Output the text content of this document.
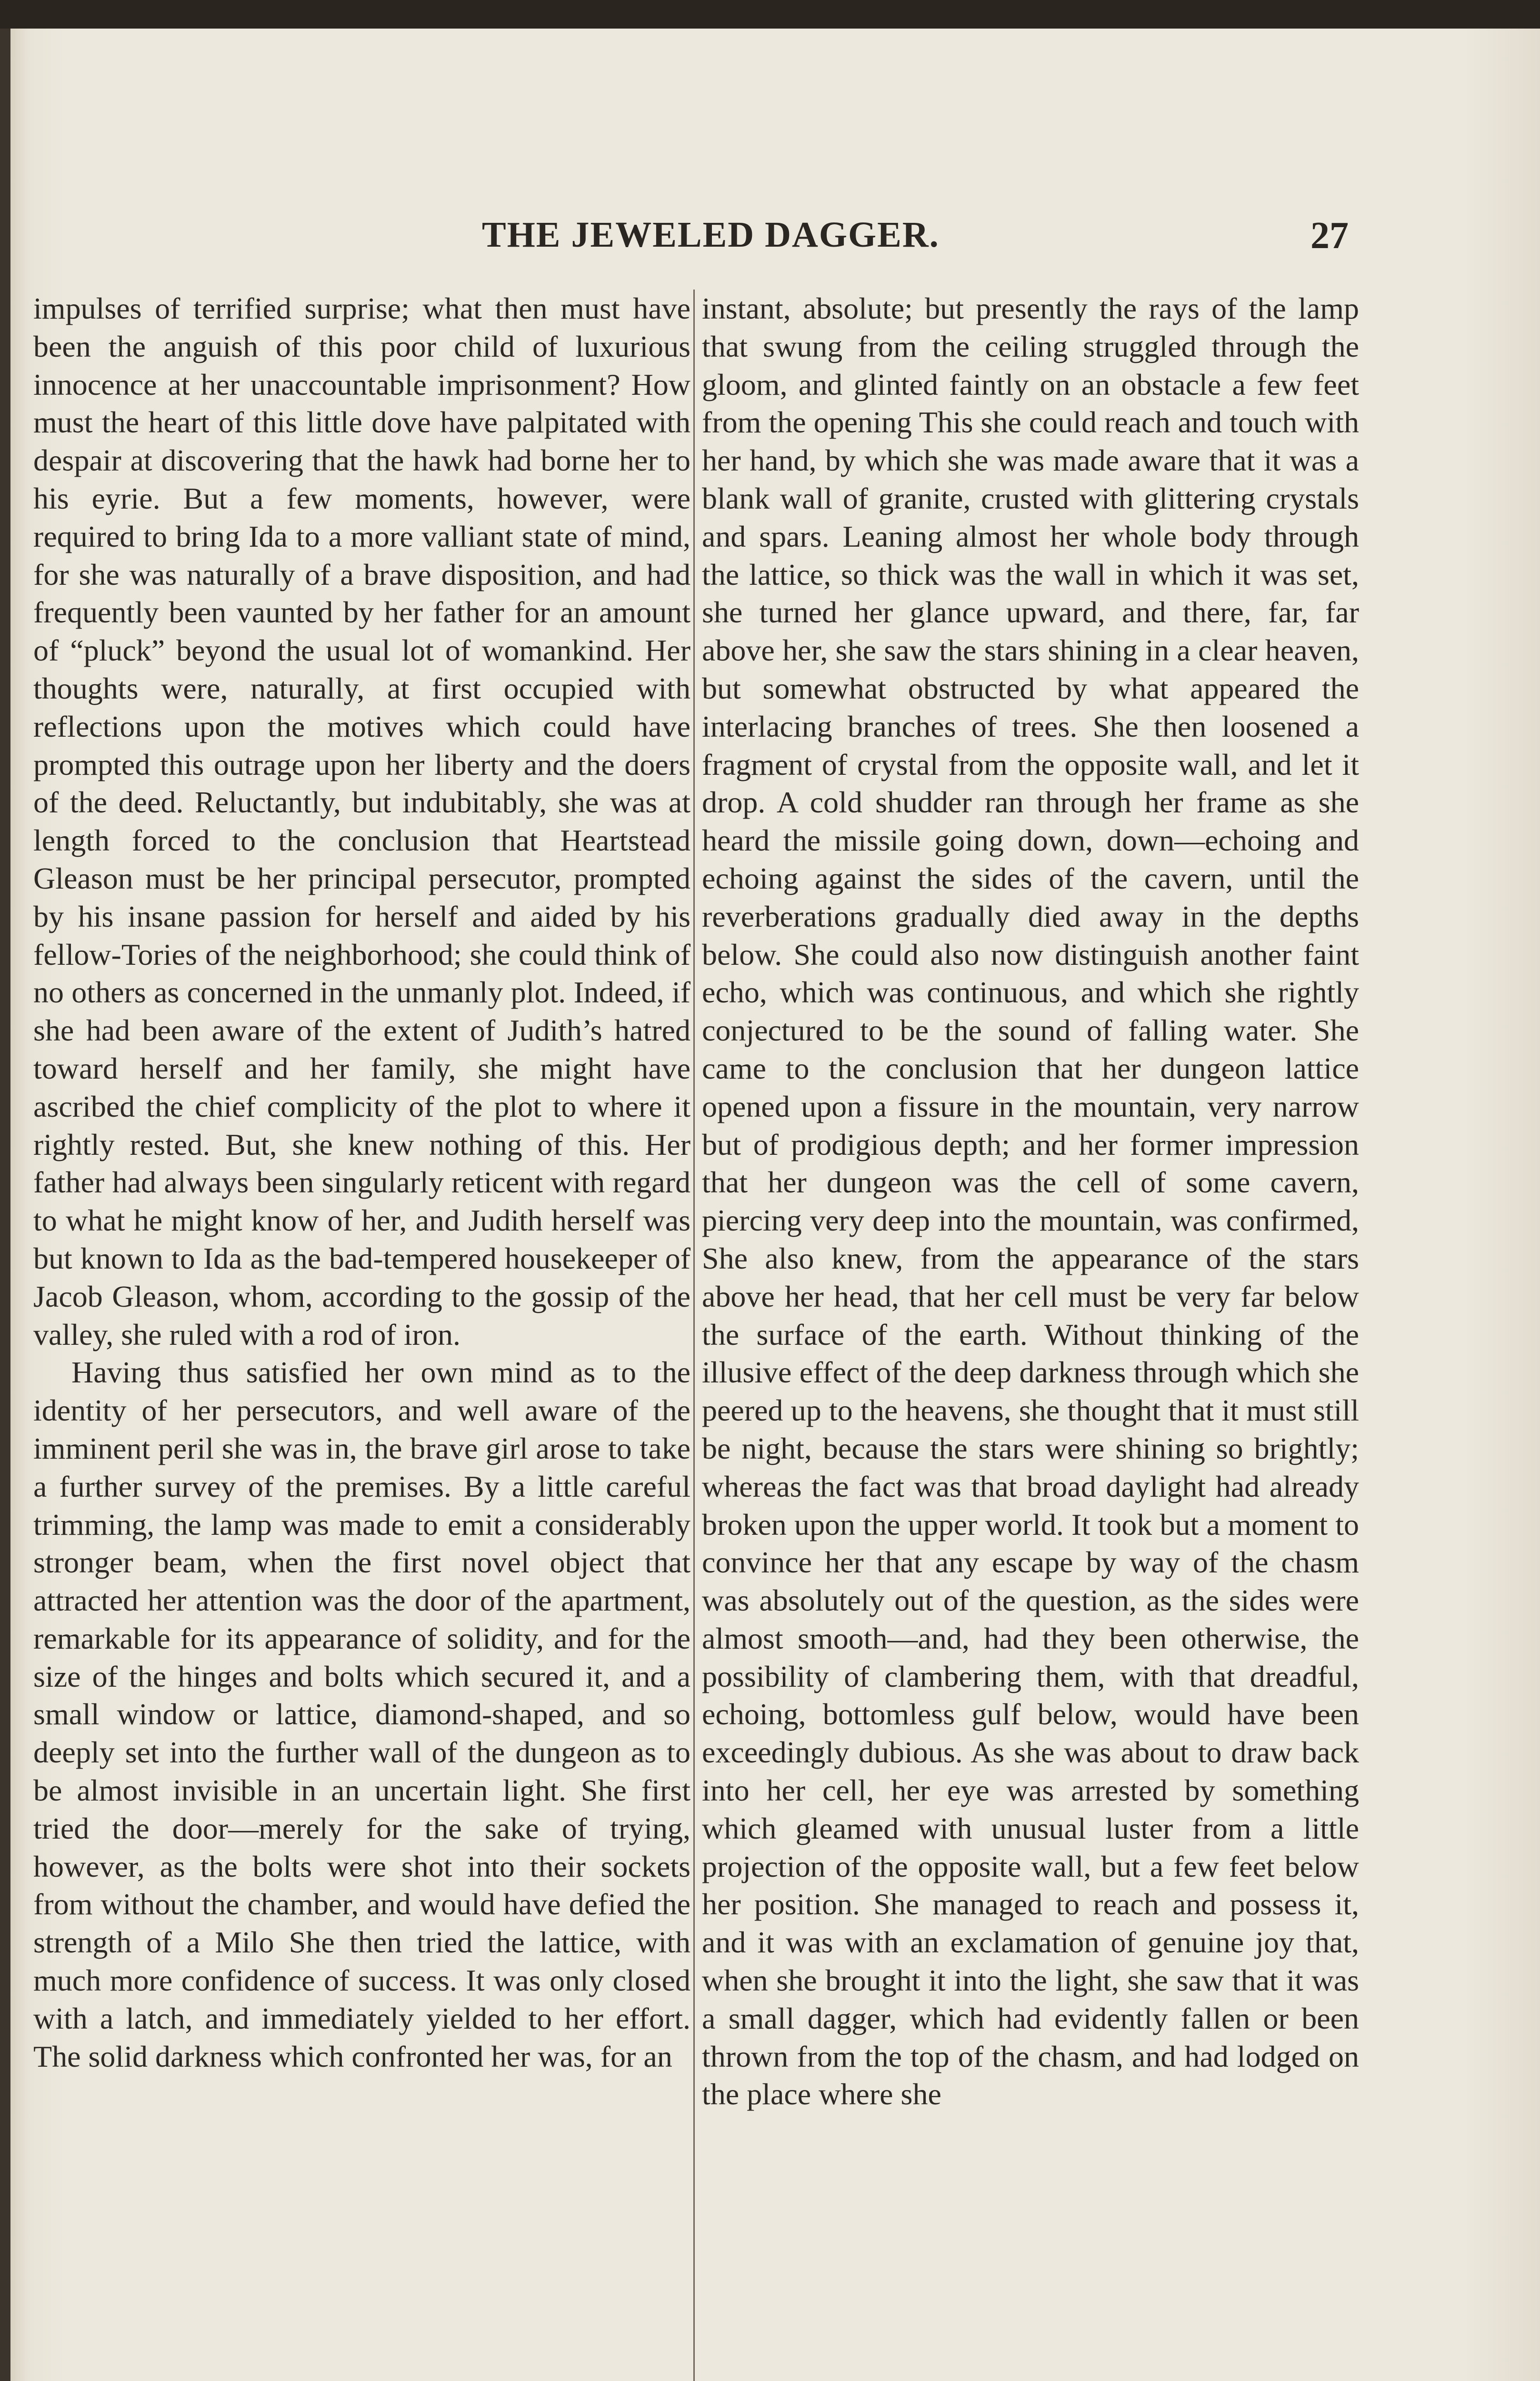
THE JEWELED DAGGER.	27

impulses of terrified surprise; what then must have been the anguish of this poor child of luxurious innocence at her unaccountable imprisonment? How must the heart of this little dove have palpitated with despair at discovering that the hawk had borne her to his eyrie. But a few moments, however, were required to bring Ida to a more valliant state of mind, for she was naturally of a brave disposition, and had frequently been vaunted by her father for an amount of “pluck” beyond the usual lot of womankind. Her thoughts were, naturally, at first occupied with reflections upon the motives which could have prompted this outrage upon her liberty and the doers of the deed. Reluctantly, but indubitably, she was at length forced to the conclusion that Heartstead Gleason must be her principal persecutor, prompted by his insane passion for herself and aided by his fellow-Tories of the neighborhood; she could think of no others as concerned in the unmanly plot. Indeed, if she had been aware of the extent of Judith’s hatred toward herself and her family, she might have ascribed the chief complicity of the plot to where it rightly rested. But, she knew nothing of this. Her father had always been singularly reticent with regard to what he might know of her, and Judith herself was but known to Ida as the bad-tempered housekeeper of Jacob Gleason, whom, according to the gossip of the valley, she ruled with a rod of iron.

Having thus satisfied her own mind as to the identity of her persecutors, and well aware of the imminent peril she was in, the brave girl arose to take a further survey of the premises. By a little careful trimming, the lamp was made to emit a considerably stronger beam, when the first novel object that attracted her attention was the door of the apartment, remarkable for its appearance of solidity, and for the size of the hinges and bolts which secured it, and a small window or lattice, diamond-shaped, and so deeply set into the further wall of the dungeon as to be almost invisible in an uncertain light. She first tried the door—merely for the sake of trying, however, as the bolts were shot into their sockets from without the chamber, and would have defied the strength of a Milo She then tried the lattice, with much more confidence of success. It was only closed with a latch, and immediately yielded to her effort. The solid darkness which confronted her was, for an

instant, absolute; but presently the rays of the lamp that swung from the ceiling struggled through the gloom, and glinted faintly on an obstacle a few feet from the opening This she could reach and touch with her hand, by which she was made aware that it was a blank wall of granite, crusted with glittering crystals and spars. Leaning almost her whole body through the lattice, so thick was the wall in which it was set, she turned her glance upward, and there, far, far above her, she saw the stars shining in a clear heaven, but somewhat obstructed by what appeared the interlacing branches of trees. She then loosened a fragment of crystal from the opposite wall, and let it drop. A cold shudder ran through her frame as she heard the missile going down, down—echoing and echoing against the sides of the cavern, until the reverberations gradually died away in the depths below. She could also now distinguish another faint echo, which was continuous, and which she rightly conjectured to be the sound of falling water. She came to the conclusion that her dungeon lattice opened upon a fissure in the mountain, very narrow but of prodigious depth; and her former impression that her dungeon was the cell of some cavern, piercing very deep into the mountain, was confirmed, She also knew, from the appearance of the stars above her head, that her cell must be very far below the surface of the earth. Without thinking of the illusive effect of the deep darkness through which she peered up to the heavens, she thought that it must still be night, because the stars were shining so brightly; whereas the fact was that broad daylight had already broken upon the upper world. It took but a moment to convince her that any escape by way of the chasm was absolutely out of the question, as the sides were almost smooth—and, had they been otherwise, the possibility of clambering them, with that dreadful, echoing, bottomless gulf below, would have been exceedingly dubious. As she was about to draw back into her cell, her eye was arrested by something which gleamed with unusual luster from a little projection of the opposite wall, but a few feet below her position. She managed to reach and possess it, and it was with an exclamation of genuine joy that, when she brought it into the light, she saw that it was a small dagger, which had evidently fallen or been thrown from the top of the chasm, and had lodged on the place where she
